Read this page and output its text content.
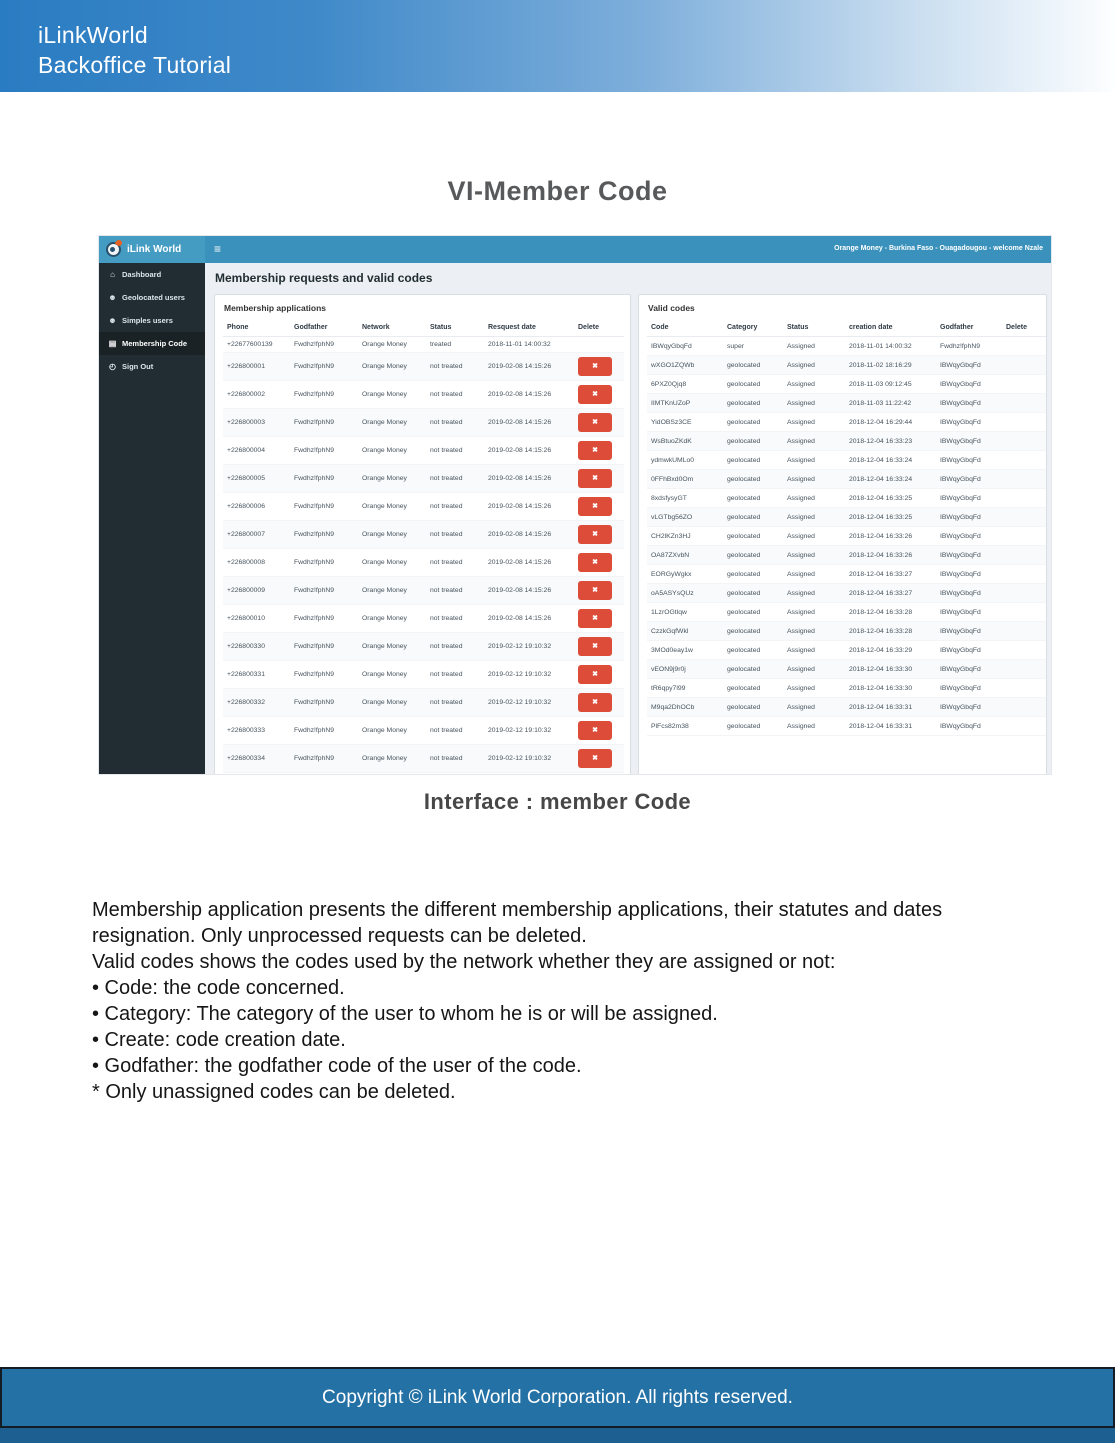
iLinkWorld
Backoffice Tutorial
VI-Member Code
iLink World	≡	Orange Money - Burkina Faso - Ouagadougou - welcome Nzale
⌂ Dashboard
☻ Geolocated users
☻ Simples users
▤ Membership Code
◴ Sign Out
Membership requests and valid codes
Membership applications
Phone	Godfather	Network	Status	Resquest date	Delete
+22677600139	Fwdhz!fphN9	Orange Money	treated	2018-11-01 14:00:32	
+226800001	Fwdhz!fphN9	Orange Money	not treated	2019-02-08 14:15:26	✖

+226800002	Fwdhz!fphN9	Orange Money	not treated	2019-02-08 14:15:26	✖

+226800003	Fwdhz!fphN9	Orange Money	not treated	2019-02-08 14:15:26	✖

+226800004	Fwdhz!fphN9	Orange Money	not treated	2019-02-08 14:15:26	✖

+226800005	Fwdhz!fphN9	Orange Money	not treated	2019-02-08 14:15:26	✖

+226800006	Fwdhz!fphN9	Orange Money	not treated	2019-02-08 14:15:26	✖

+226800007	Fwdhz!fphN9	Orange Money	not treated	2019-02-08 14:15:26	✖

+226800008	Fwdhz!fphN9	Orange Money	not treated	2019-02-08 14:15:26	✖

+226800009	Fwdhz!fphN9	Orange Money	not treated	2019-02-08 14:15:26	✖

+226800010	Fwdhz!fphN9	Orange Money	not treated	2019-02-08 14:15:26	✖

+226800330	Fwdhz!fphN9	Orange Money	not treated	2019-02-12 19:10:32	✖

+226800331	Fwdhz!fphN9	Orange Money	not treated	2019-02-12 19:10:32	✖

+226800332	Fwdhz!fphN9	Orange Money	not treated	2019-02-12 19:10:32	✖

+226800333	Fwdhz!fphN9	Orange Money	not treated	2019-02-12 19:10:32	✖

+226800334	Fwdhz!fphN9	Orange Money	not treated	2019-02-12 19:10:32	✖
Valid codes
Code	Category	Status	creation date	Godfather	Delete
IBWqyGbqFd	super	Assigned	2018-11-01 14:00:32	Fwdhz!fphN9	
wXGO1ZQWb	geolocated	Assigned	2018-11-02 18:16:29	IBWqyGbqFd	
6PXZ0Qjq8	geolocated	Assigned	2018-11-03 09:12:45	IBWqyGbqFd	
IIMTKnUZoP	geolocated	Assigned	2018-11-03 11:22:42	IBWqyGbqFd	
YidOBSz3CE	geolocated	Assigned	2018-12-04 16:29:44	IBWqyGbqFd	
WsBtuoZKdK	geolocated	Assigned	2018-12-04 16:33:23	IBWqyGbqFd	
ydmwkUMLo0	geolocated	Assigned	2018-12-04 16:33:24	IBWqyGbqFd	
0FFhBxd0Om	geolocated	Assigned	2018-12-04 16:33:24	IBWqyGbqFd	
8xdsfysyGT	geolocated	Assigned	2018-12-04 16:33:25	IBWqyGbqFd	
vLGTbg56ZO	geolocated	Assigned	2018-12-04 16:33:25	IBWqyGbqFd	
CH2lKZn3HJ	geolocated	Assigned	2018-12-04 16:33:26	IBWqyGbqFd	
OA87ZXvbN	geolocated	Assigned	2018-12-04 16:33:26	IBWqyGbqFd	
EORGyWgkx	geolocated	Assigned	2018-12-04 16:33:27	IBWqyGbqFd	
oA5ASYsQUz	geolocated	Assigned	2018-12-04 16:33:27	IBWqyGbqFd	
1LzrOGtlqw	geolocated	Assigned	2018-12-04 16:33:28	IBWqyGbqFd	
CzzkGqfWkl	geolocated	Assigned	2018-12-04 16:33:28	IBWqyGbqFd	
3MOd0eay1w	geolocated	Assigned	2018-12-04 16:33:29	IBWqyGbqFd	
vEON9j9r0j	geolocated	Assigned	2018-12-04 16:33:30	IBWqyGbqFd	
tR6qpy7l99	geolocated	Assigned	2018-12-04 16:33:30	IBWqyGbqFd	
M9qa2DhOCb	geolocated	Assigned	2018-12-04 16:33:31	IBWqyGbqFd	
PlFcs82m38	geolocated	Assigned	2018-12-04 16:33:31	IBWqyGbqFd	
Interface : member Code
Membership application presents the different membership applications, their statutes and dates resignation. Only unprocessed requests can be deleted.
Valid codes shows the codes used by the network whether they are assigned or not:
• Code: the code concerned.
• Category: The category of the user to whom he is or will be assigned.
• Create: code creation date.
• Godfather: the godfather code of the user of the code.
* Only unassigned codes can be deleted.
Copyright © iLink World Corporation. All rights reserved.
